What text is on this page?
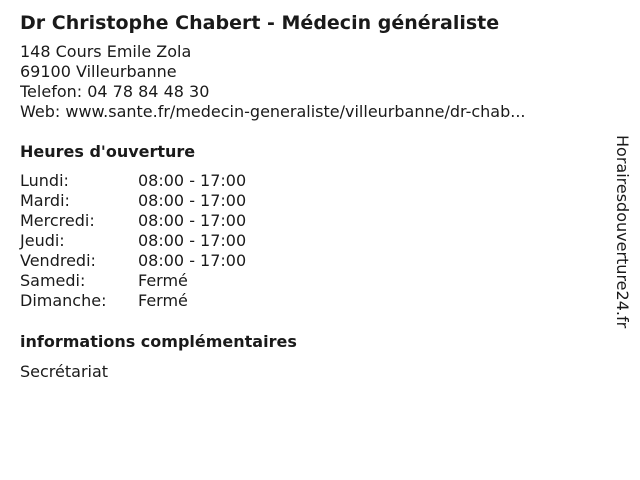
Dr Christophe Chabert - Médecin généraliste
148 Cours Emile Zola
69100 Villeurbanne
Telefon: 04 78 84 48 30
Web: www.sante.fr/medecin-generaliste/villeurbanne/dr-chab...
Heures d'ouverture
Lundi:	08:00 - 17:00
Mardi:	08:00 - 17:00
Mercredi:	08:00 - 17:00
Jeudi:	08:00 - 17:00
Vendredi:	08:00 - 17:00
Samedi:	Fermé
Dimanche:	Fermé
informations complémentaires
Secrétariat
Horairesdouverture24.fr
